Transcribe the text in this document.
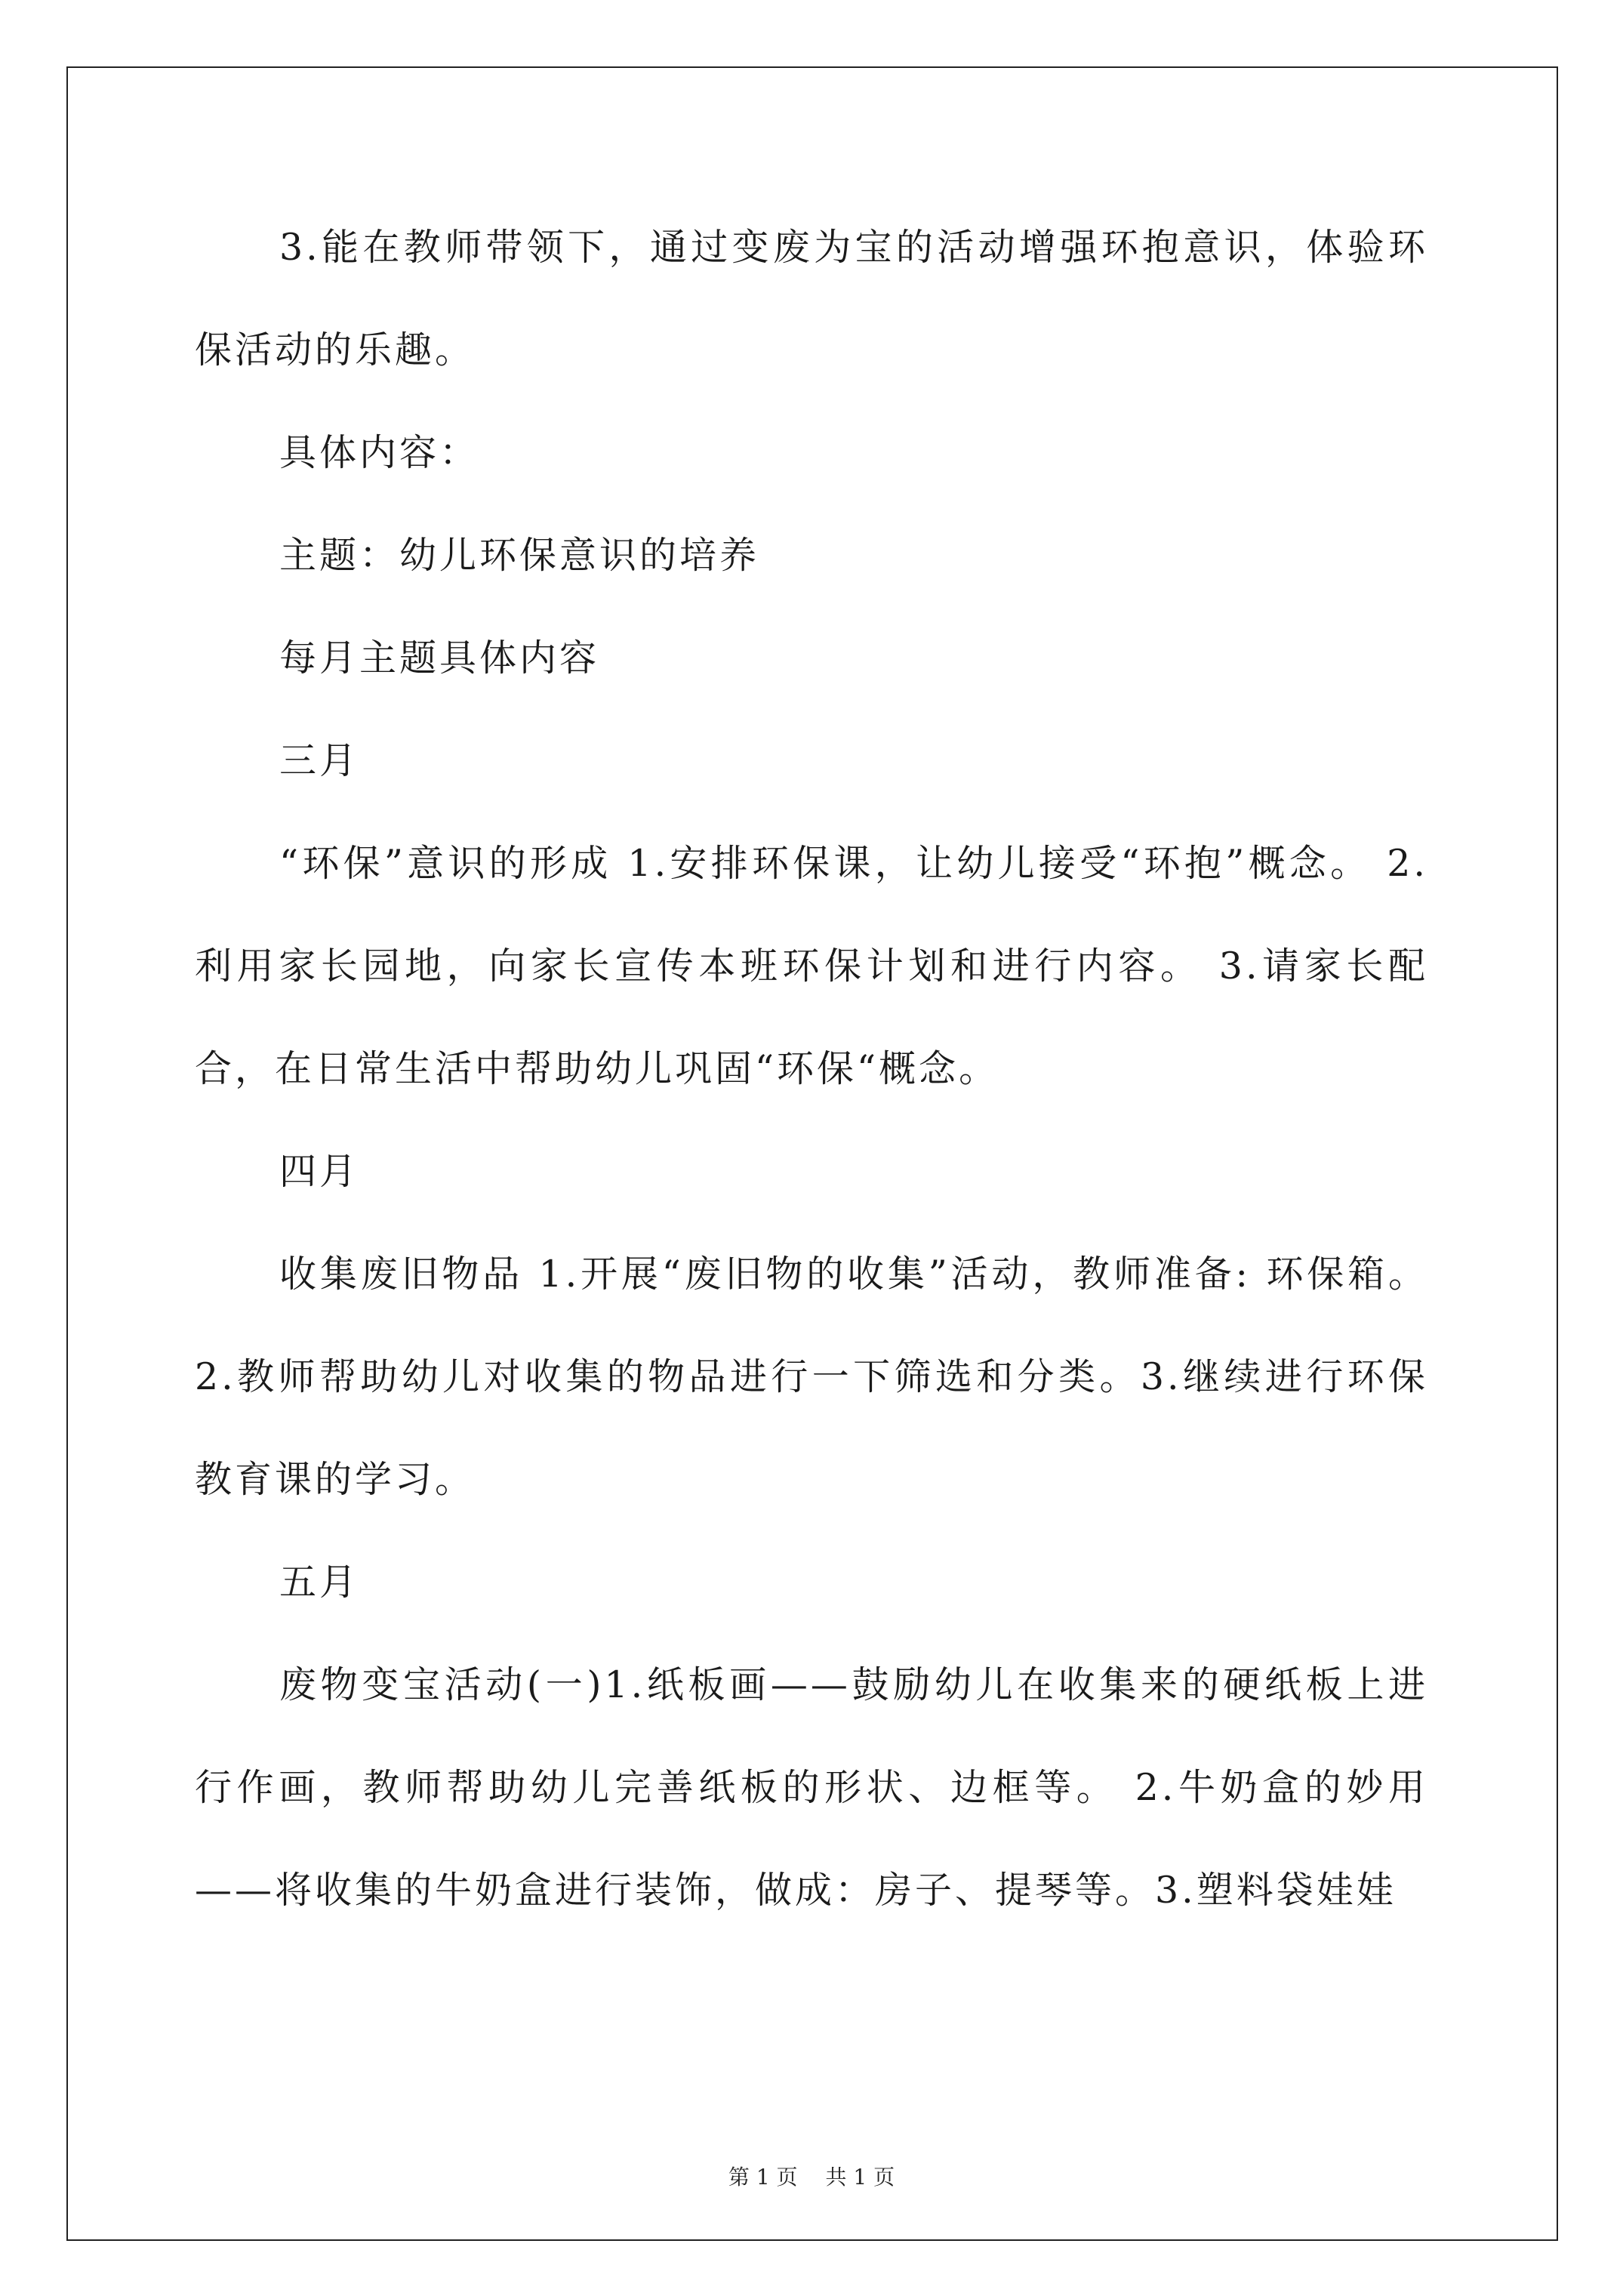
3.能在教师带领下，通过变废为宝的活动增强环抱意识，体验环保活动的乐趣。

具体内容：

主题：幼儿环保意识的培养

每月主题具体内容

三月

“环保”意识的形成 1.安排环保课，让幼儿接受“环抱”概念。 2.利用家长园地，向家长宣传本班环保计划和进行内容。 3.请家长配合，在日常生活中帮助幼儿巩固“环保“概念。

四月

收集废旧物品 1.开展“废旧物的收集”活动，教师准备: 环保箱。 2.教师帮助幼儿对收集的物品进行一下筛选和分类。3.继续进行环保教育课的学习。

五月

废物变宝活动(一)1.纸板画——鼓励幼儿在收集来的硬纸板上进行作画，教师帮助幼儿完善纸板的形状、边框等。 2.牛奶盒的妙用——将收集的牛奶盒进行装饰，做成：房子、提琴等。3.塑料袋娃娃

第 1 页 共 1 页
